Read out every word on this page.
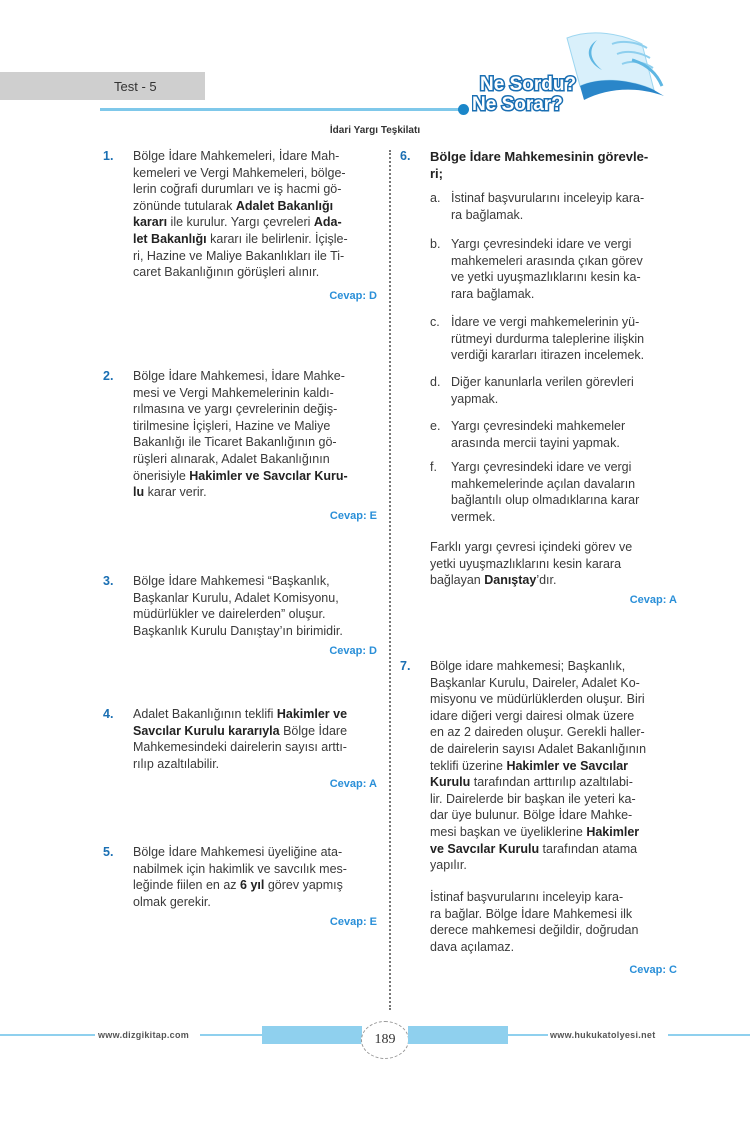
Test - 5	Ne Sordu?
Ne Sorar?
İdari Yargı Teşkilatı
1. Bölge İdare Mahkemeleri, İdare Mah-
kemeleri ve Vergi Mahkemeleri, bölge-
lerin coğrafi durumları ve iş hacmi gö-
zönünde tutularak Adalet Bakanlığı
kararı ile kurulur. Yargı çevreleri Ada-
let Bakanlığı kararı ile belirlenir. İçişle-
ri, Hazine ve Maliye Bakanlıkları ile Ti-
caret Bakanlığının görüşleri alınır.
Cevap: D
2. Bölge İdare Mahkemesi, İdare Mahke-
mesi ve Vergi Mahkemelerinin kaldı-
rılmasına ve yargı çevrelerinin değiş-
tirilmesine İçişleri, Hazine ve Maliye
Bakanlığı ile Ticaret Bakanlığının gö-
rüşleri alınarak, Adalet Bakanlığının
önerisiyle Hakimler ve Savcılar Kuru-
lu karar verir.
Cevap: E
3. Bölge İdare Mahkemesi “Başkanlık,
Başkanlar Kurulu, Adalet Komisyonu,
müdürlükler ve dairelerden” oluşur.
Başkanlık Kurulu Danıştay’ın birimidir.
Cevap: D
4. Adalet Bakanlığının teklifi Hakimler ve
Savcılar Kurulu kararıyla Bölge İdare
Mahkemesindeki dairelerin sayısı arttı-
rılıp azaltılabilir.
Cevap: A
5. Bölge İdare Mahkemesi üyeliğine ata-
nabilmek için hakimlik ve savcılık mes-
leğinde fiilen en az 6 yıl görev yapmış
olmak gerekir.
Cevap: E
6. Bölge İdare Mahkemesinin görevle-
ri;
a. İstinaf başvurularını inceleyip kara-
ra bağlamak.
b. Yargı çevresindeki idare ve vergi
mahkemeleri arasında çıkan görev
ve yetki uyuşmazlıklarını kesin ka-
rara bağlamak.
c. İdare ve vergi mahkemelerinin yü-
rütmeyi durdurma taleplerine ilişkin
verdiği kararları itirazen incelemek.
d. Diğer kanunlarla verilen görevleri
yapmak.
e. Yargı çevresindeki mahkemeler
arasında mercii tayini yapmak.
f. Yargı çevresindeki idare ve vergi
mahkemelerinde açılan davaların
bağlantılı olup olmadıklarına karar
vermek.
Farklı yargı çevresi içindeki görev ve
yetki uyuşmazlıklarını kesin karara
bağlayan Danıştay’dır.
Cevap: A
7. Bölge idare mahkemesi; Başkanlık,
Başkanlar Kurulu, Daireler, Adalet Ko-
misyonu ve müdürlüklerden oluşur. Biri
idare diğeri vergi dairesi olmak üzere
en az 2 daireden oluşur. Gerekli haller-
de dairelerin sayısı Adalet Bakanlığının
teklifi üzerine Hakimler ve Savcılar
Kurulu tarafından arttırılıp azaltılabi-
lir. Dairelerde bir başkan ile yeteri ka-
dar üye bulunur. Bölge İdare Mahke-
mesi başkan ve üyeliklerine Hakimler
ve Savcılar Kurulu tarafından atama
yapılır.
İstinaf başvurularını inceleyip kara-
ra bağlar. Bölge İdare Mahkemesi ilk
derece mahkemesi değildir, doğrudan
dava açılamaz.
Cevap: C
www.dizgikitap.com	189	www.hukukatolyesi.net
